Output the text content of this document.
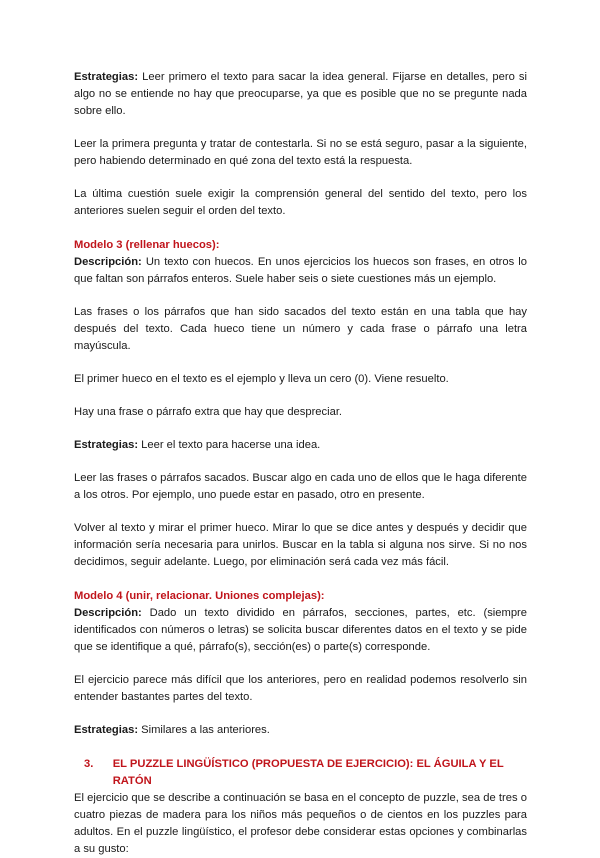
Estrategias: Leer primero el texto para sacar la idea general. Fijarse en detalles, pero si algo no se entiende no hay que preocuparse, ya que es posible que no se pregunte nada sobre ello.

Leer la primera pregunta y tratar de contestarla. Si no se está seguro, pasar a la siguiente, pero habiendo determinado en qué zona del texto está la respuesta.

La última cuestión suele exigir la comprensión general del sentido del texto, pero los anteriores suelen seguir el orden del texto.

Modelo 3 (rellenar huecos):

Descripción: Un texto con huecos. En unos ejercicios los huecos son frases, en otros lo que faltan son párrafos enteros. Suele haber seis o siete cuestiones más un ejemplo.

Las frases o los párrafos que han sido sacados del texto están en una tabla que hay después del texto. Cada hueco tiene un número y cada frase o párrafo una letra mayúscula.

El primer hueco en el texto es el ejemplo y lleva un cero (0). Viene resuelto.

Hay una frase o párrafo extra que hay que despreciar.

Estrategias: Leer el texto para hacerse una idea.

Leer las frases o párrafos sacados. Buscar algo en cada uno de ellos que le haga diferente a los otros. Por ejemplo, uno puede estar en pasado, otro en presente.

Volver al texto y mirar el primer hueco. Mirar lo que se dice antes y después y decidir que información sería necesaria para unirlos. Buscar en la tabla si alguna nos sirve. Si no nos decidimos, seguir adelante. Luego, por eliminación será cada vez más fácil.

Modelo 4 (unir, relacionar. Uniones complejas):

Descripción: Dado un texto dividido en párrafos, secciones, partes, etc. (siempre identificados con números o letras) se solicita buscar diferentes datos en el texto y se pide que se identifique a qué, párrafo(s), sección(es) o parte(s) corresponde.

El ejercicio parece más difícil que los anteriores, pero en realidad podemos resolverlo sin entender bastantes partes del texto.

Estrategias: Similares a las anteriores.

3.	EL PUZZLE LINGÜÍSTICO (PROPUESTA DE EJERCICIO): EL ÁGUILA Y EL RATÓN

El ejercicio que se describe a continuación se basa en el concepto de puzzle, sea de tres o cuatro piezas de madera para los niños más pequeños o de cientos en los puzzles para adultos. En el puzzle lingüístico, el profesor debe considerar estas opciones y combinarlas a su gusto:
